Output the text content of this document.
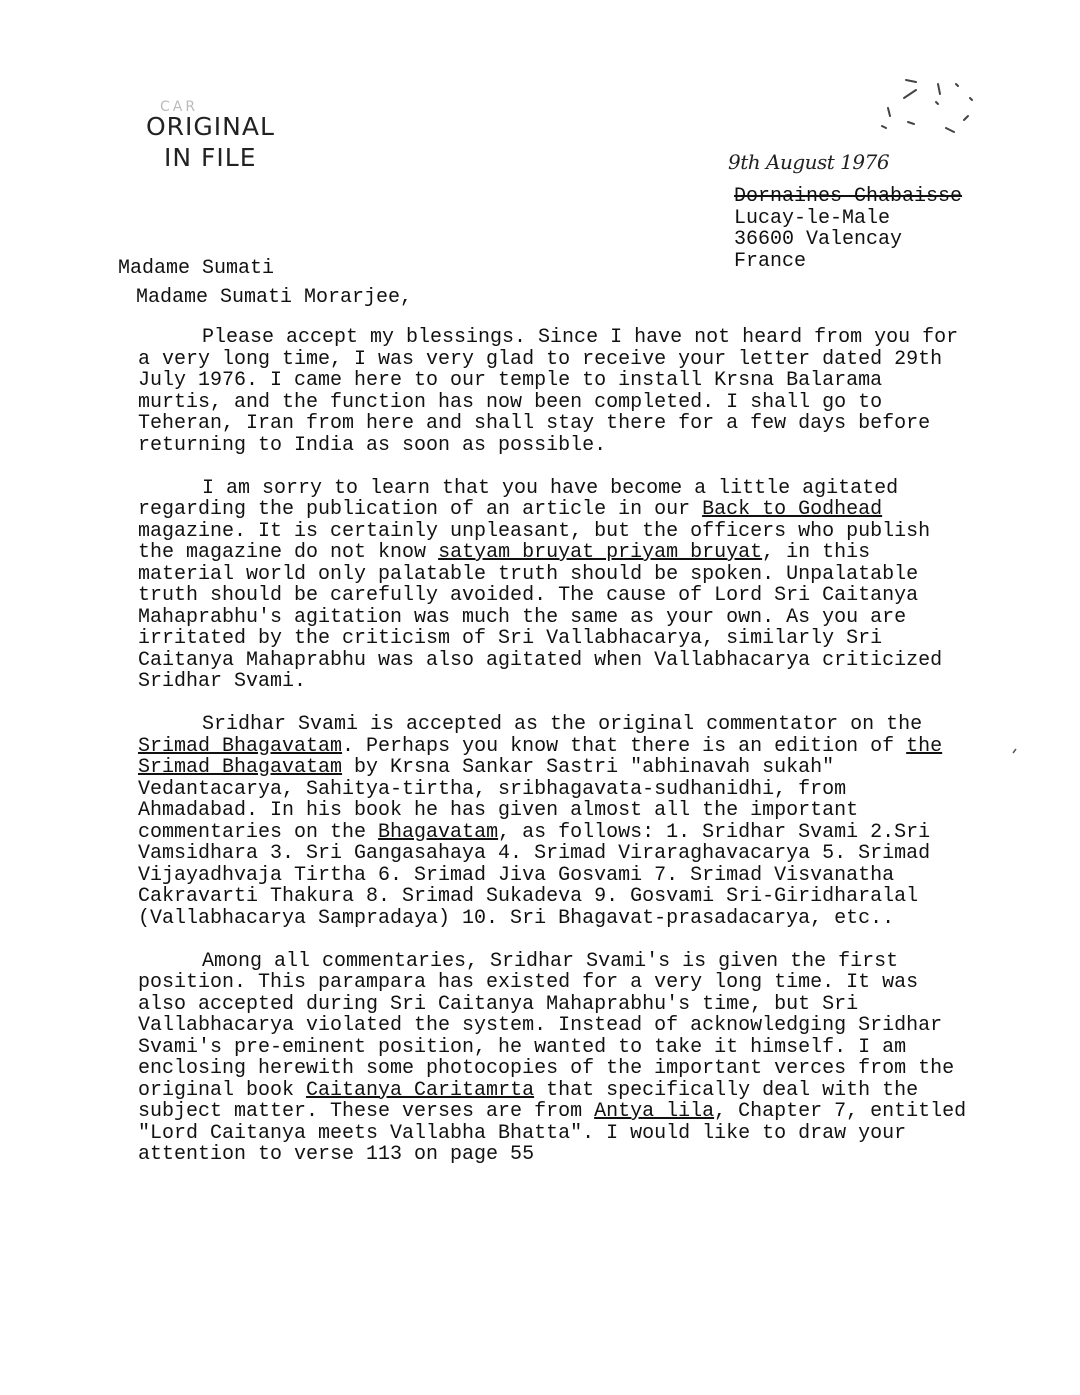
CAR
ORIGINAL
IN FILE	9th August 1976
Dornaines Chabaisse
Lucay-le-Male
36600 Valencay
France
Madame Sumati
Madame Sumati Morarjee,

Please accept my blessings. Since I have not heard from you for a very long time, I was very glad to receive your letter dated 29th July 1976. I came here to our temple to install Krsna Balarama murtis, and the function has now been completed. I shall go to Teheran, Iran from here and shall stay there for a few days before returning to India as soon as possible.

I am sorry to learn that you have become a little agitated regarding the publication of an article in our Back to Godhead magazine. It is certainly unpleasant, but the officers who publish the magazine do not know satyam bruyat priyam bruyat, in this material world only palatable truth should be spoken. Unpalatable truth should be carefully avoided. The cause of Lord Sri Caitanya Mahaprabhu's agitation was much the same as your own. As you are irritated by the criticism of Sri Vallabhacarya, similarly Sri Caitanya Mahaprabhu was also agitated when Vallabhacarya criticized Sridhar Svami.

Sridhar Svami is accepted as the original commentator on the Srimad Bhagavatam. Perhaps you know that there is an edition of the Srimad Bhagavatam by Krsna Sankar Sastri "abhinavah sukah" Vedantacarya, Sahitya-tirtha, sribhagavata-sudhanidhi, from Ahmadabad. In his book he has given almost all the important commentaries on the Bhagavatam, as follows: 1. Sridhar Svami 2.Sri Vamsidhara 3. Sri Gangasahaya 4. Srimad Viraraghavacarya 5. Srimad Vijayadhvaja Tirtha 6. Srimad Jiva Gosvami 7. Srimad Visvanatha Cakravarti Thakura 8. Srimad Sukadeva 9. Gosvami Sri-Giridharalal (Vallabhacarya Sampradaya) 10. Sri Bhagavat-prasadacarya, etc..

Among all commentaries, Sridhar Svami's is given the first position. This parampara has existed for a very long time. It was also accepted during Sri Caitanya Mahaprabhu's time, but Sri Vallabhacarya violated the system. Instead of acknowledging Sridhar Svami's pre-eminent position, he wanted to take it himself. I am enclosing herewith some photocopies of the important verces from the original book Caitanya Caritamrta that specifically deal with the subject matter. These verses are from Antya lila, Chapter 7, entitled "Lord Caitanya meets Vallabha Bhatta". I would like to draw your attention to verse 113 on page 55
